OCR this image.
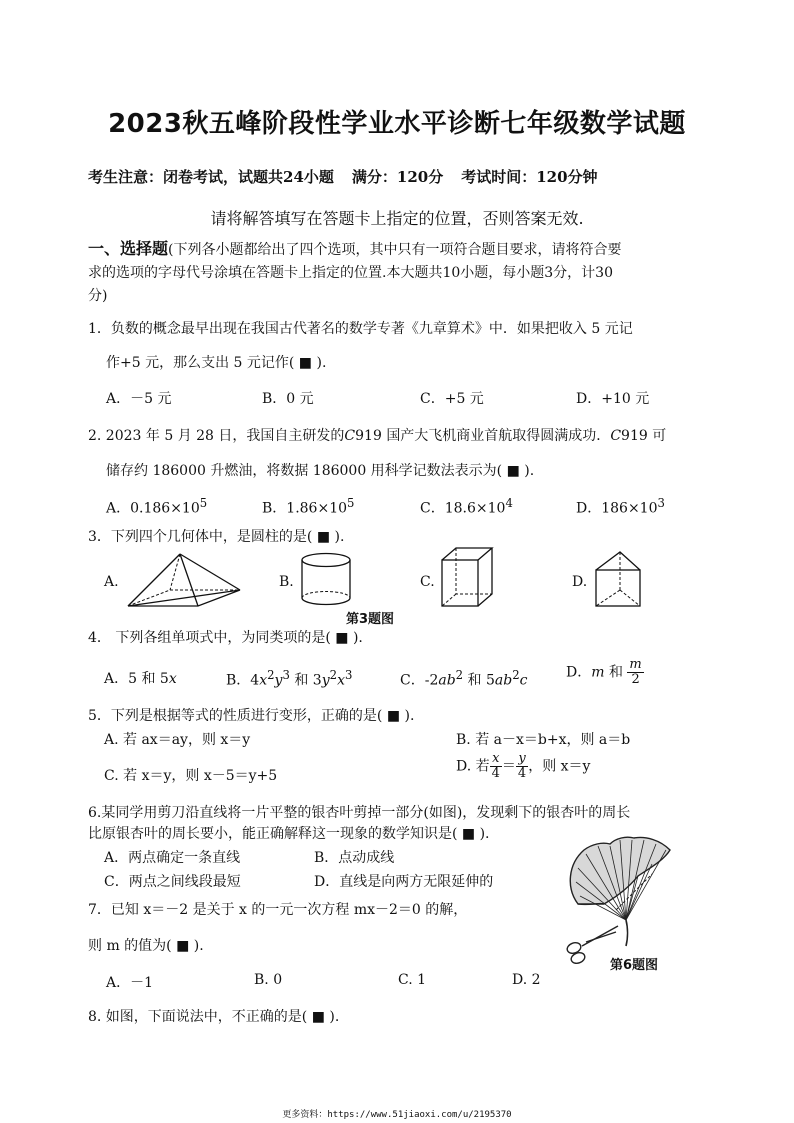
2023秋五峰阶段性学业水平诊断七年级数学试题
考生注意：闭卷考试，试题共24小题 满分：120分 考试时间：120分钟
请将解答填写在答题卡上指定的位置，否则答案无效.
一、选择题(下列各小题都给出了四个选项，其中只有一项符合题目要求，请将符合要
求的选项的字母代号涂填在答题卡上指定的位置.本大题共10小题，每小题3分，计30
分)
1．负数的概念最早出现在我国古代著名的数学专著《九章算术》中．如果把收入 5 元记
作+5 元，那么支出 5 元记作( ■ ).
A．－5 元	B．0 元	C．+5 元	D．+10 元
2. 2023 年 5 月 28 日，我国自主研发的C919 国产大飞机商业首航取得圆满成功．C919 可
储存约 186000 升燃油，将数据 186000 用科学记数法表示为( ■ ).
A．$0.186\times 10^5$	B．$1.86\times 10^5$	C．$18.6\times 10^4$	D．$186\times 10^3$
3．下列四个几何体中，是圆柱的是( ■ ).
A.	B.	C.	D.
第3题图
4． 下列各组单项式中，为同类项的是( ■ ).
A．5 和 5x	B．$4x^2y^3$ 和 $3y^2x^3$	C．$-2ab^2$ 和 $5ab^2c$
D．m 和 $\frac{m}{2}$
5．下列是根据等式的性质进行变形，正确的是( ■ ).
A. 若 ax＝ay，则 x＝y	B. 若 a－x＝b+x，则 a＝b
C. 若 x＝y，则 x－5＝y+5
D. 若 $\frac{x}{4} = \frac{y}{4}$ ，则 x＝y
6.某同学用剪刀沿直线将一片平整的银杏叶剪掉一部分(如图)，发现剩下的银杏叶的周长
比原银杏叶的周长要小，能正确解释这一现象的数学知识是( ■ ).
A．两点确定一条直线	B．点动成线
C．两点之间线段最短	D．直线是向两方无限延伸的
第6题图
7．已知 x＝－2 是关于 x 的一元一次方程 mx－2＝0 的解，
则 m 的值为( ■ ).
A．－1	B. 0	C. 1	D. 2
8. 如图，下面说法中，不正确的是( ■ ).
更多资料：https://www.51jiaoxi.com/u/2195370
